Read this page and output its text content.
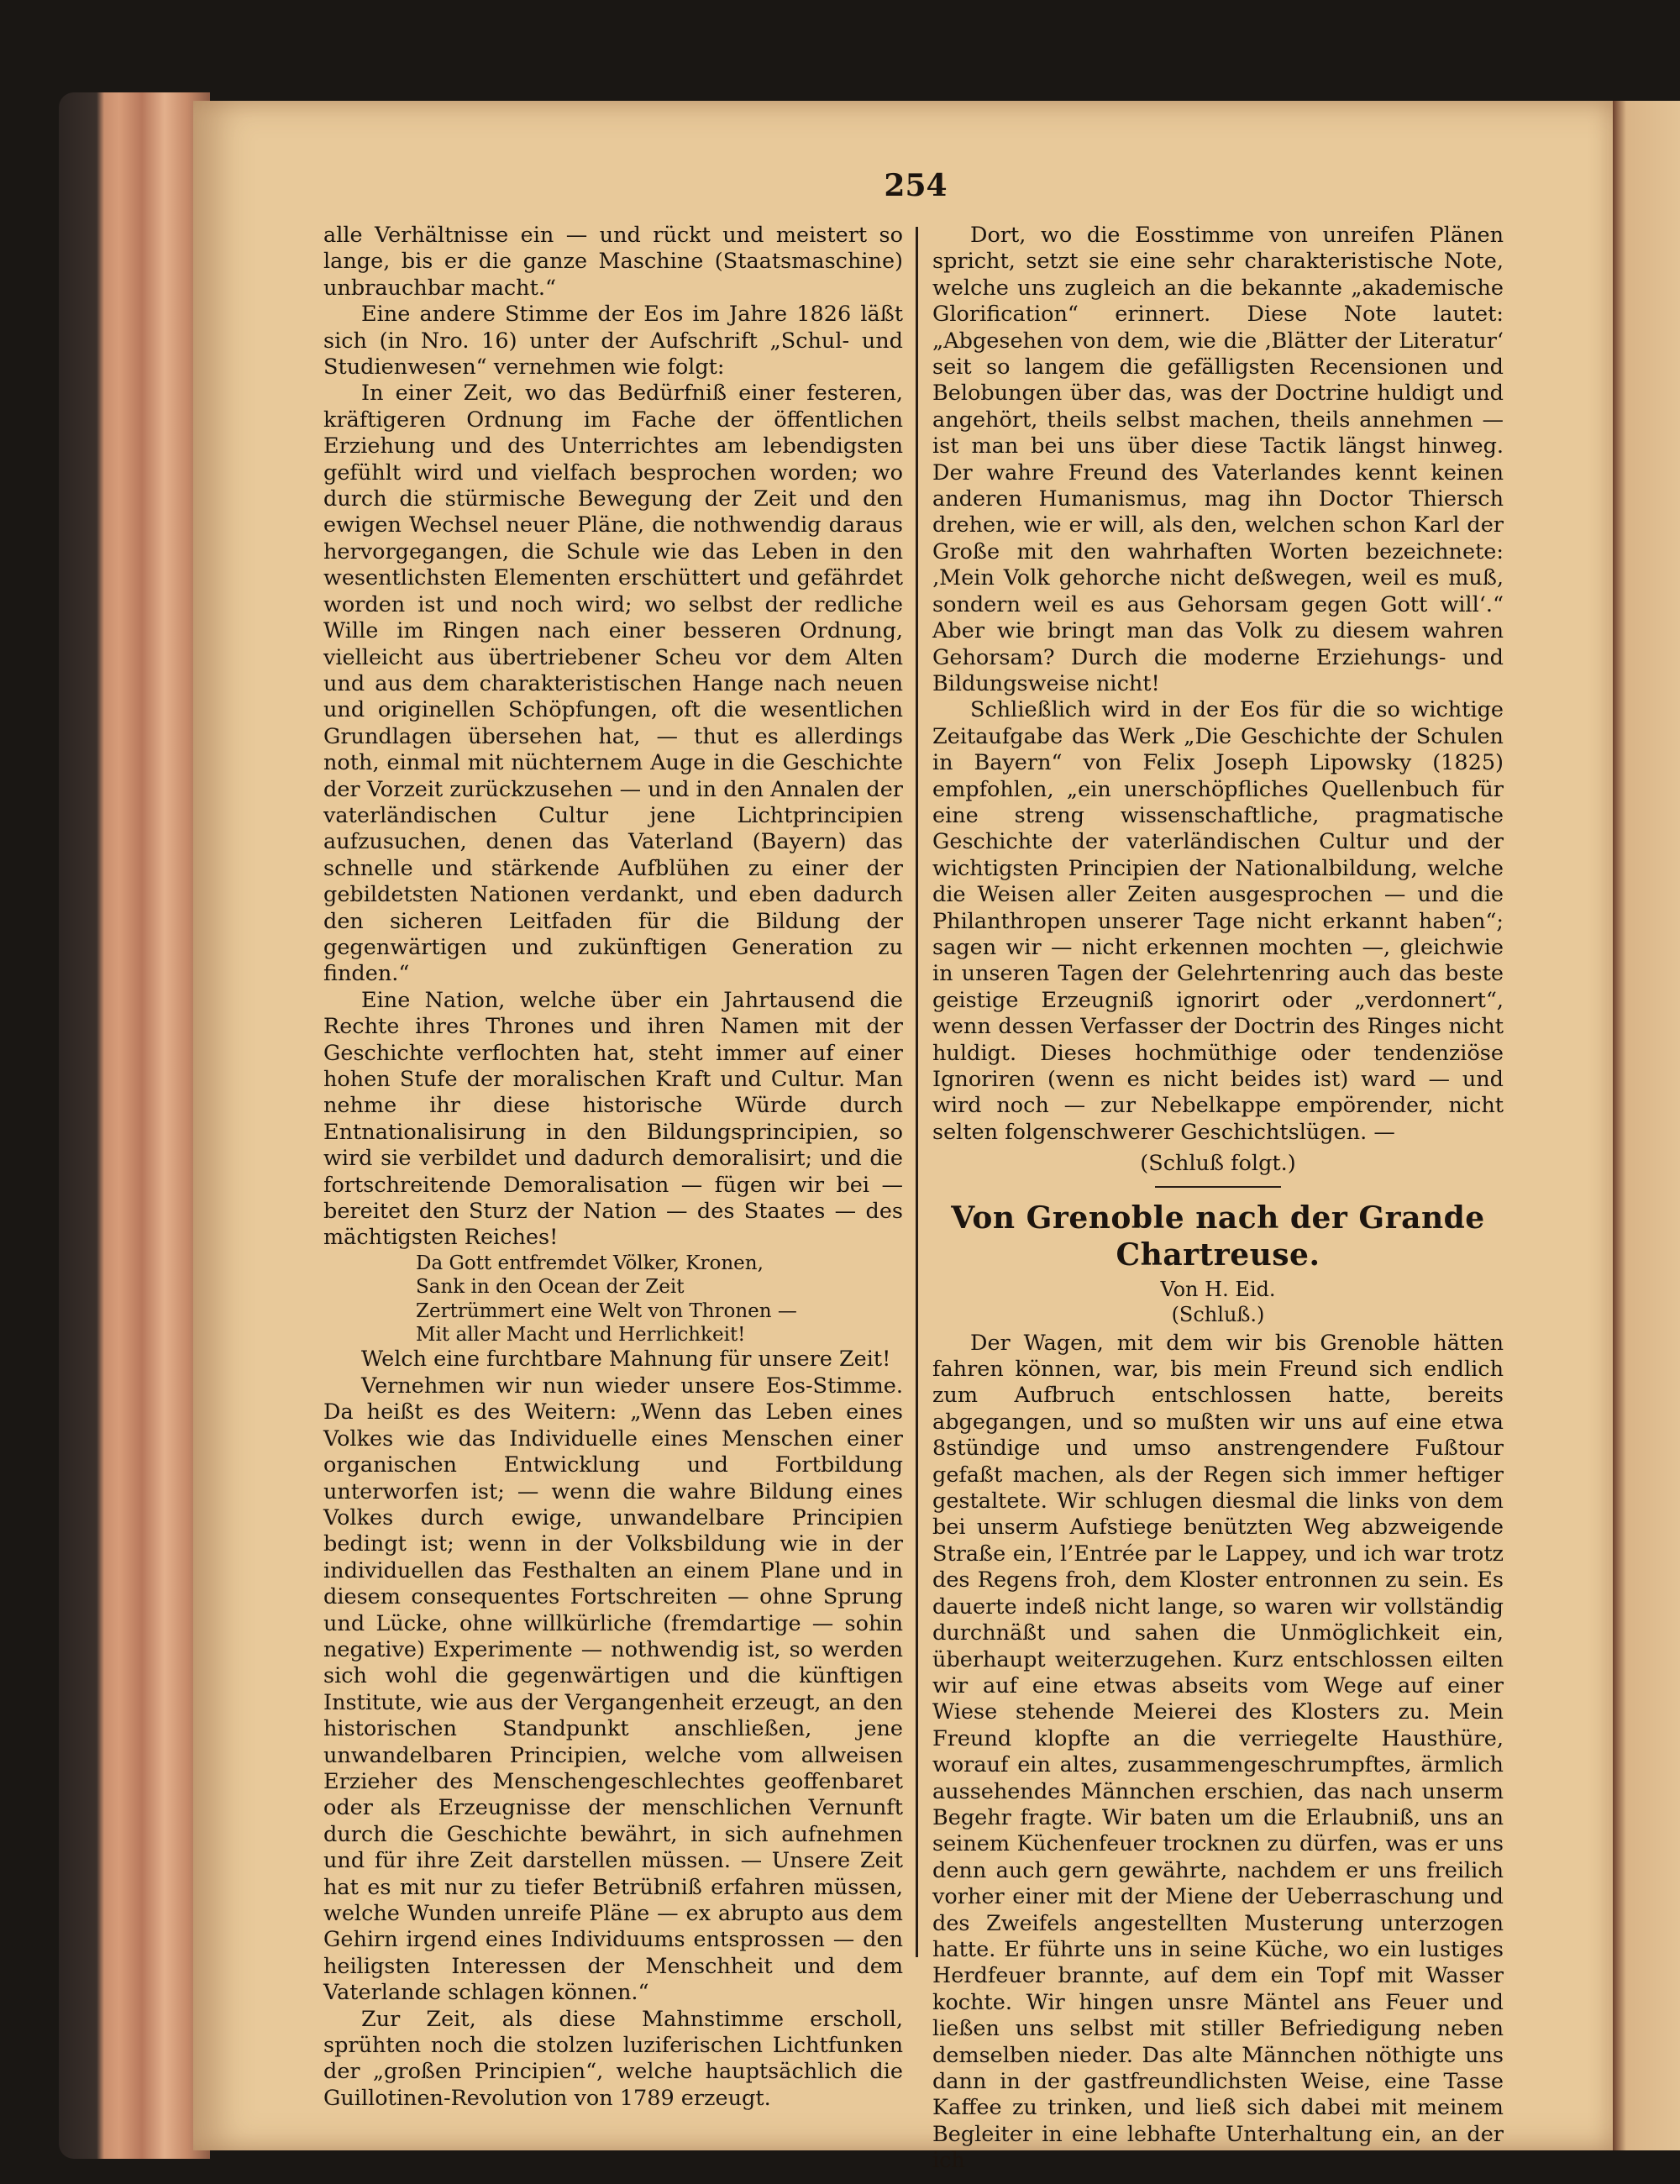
254

alle Verhältnisse ein — und rückt und meistert so lange, bis er die ganze Maschine (Staatsmaschine) unbrauchbar macht.“

Eine andere Stimme der Eos im Jahre 1826 läßt sich (in Nro. 16) unter der Aufschrift „Schul- und Studienwesen“ vernehmen wie folgt:

In einer Zeit, wo das Bedürfniß einer festeren, kräftigeren Ordnung im Fache der öffentlichen Erziehung und des Unterrichtes am lebendigsten gefühlt wird und vielfach besprochen worden; wo durch die stürmische Bewegung der Zeit und den ewigen Wechsel neuer Pläne, die nothwendig daraus hervorgegangen, die Schule wie das Leben in den wesentlichsten Elementen erschüttert und gefährdet worden ist und noch wird; wo selbst der redliche Wille im Ringen nach einer besseren Ordnung, vielleicht aus übertriebener Scheu vor dem Alten und aus dem charakteristischen Hange nach neuen und originellen Schöpfungen, oft die wesentlichen Grundlagen übersehen hat, — thut es allerdings noth, einmal mit nüchternem Auge in die Geschichte der Vorzeit zurückzusehen — und in den Annalen der vaterländischen Cultur jene Lichtprincipien aufzusuchen, denen das Vaterland (Bayern) das schnelle und stärkende Aufblühen zu einer der gebildetsten Nationen verdankt, und eben dadurch den sicheren Leitfaden für die Bildung der gegenwärtigen und zukünftigen Generation zu finden.“

Eine Nation, welche über ein Jahrtausend die Rechte ihres Thrones und ihren Namen mit der Geschichte verflochten hat, steht immer auf einer hohen Stufe der moralischen Kraft und Cultur. Man nehme ihr diese historische Würde durch Entnationalisirung in den Bildungsprincipien, so wird sie verbildet und dadurch demoralisirt; und die fortschreitende Demoralisation — fügen wir bei — bereitet den Sturz der Nation — des Staates — des mächtigsten Reiches!

Da Gott entfremdet Völker, Kronen,
Sank in den Ocean der Zeit
Zertrümmert eine Welt von Thronen —
Mit aller Macht und Herrlichkeit!

Welch eine furchtbare Mahnung für unsere Zeit!

Vernehmen wir nun wieder unsere Eos-Stimme. Da heißt es des Weitern: „Wenn das Leben eines Volkes wie das Individuelle eines Menschen einer organischen Entwicklung und Fortbildung unterworfen ist; — wenn die wahre Bildung eines Volkes durch ewige, unwandelbare Principien bedingt ist; wenn in der Volksbildung wie in der individuellen das Festhalten an einem Plane und in diesem consequentes Fortschreiten — ohne Sprung und Lücke, ohne willkürliche (fremdartige — sohin negative) Experimente — nothwendig ist, so werden sich wohl die gegenwärtigen und die künftigen Institute, wie aus der Vergangenheit erzeugt, an den historischen Standpunkt anschließen, jene unwandelbaren Principien, welche vom allweisen Erzieher des Menschengeschlechtes geoffenbaret oder als Erzeugnisse der menschlichen Vernunft durch die Geschichte bewährt, in sich aufnehmen und für ihre Zeit darstellen müssen. — Unsere Zeit hat es mit nur zu tiefer Betrübniß erfahren müssen, welche Wunden unreife Pläne — ex abrupto aus dem Gehirn irgend eines Individuums entsprossen — den heiligsten Interessen der Menschheit und dem Vaterlande schlagen können.“

Zur Zeit, als diese Mahnstimme erscholl, sprühten noch die stolzen luziferischen Lichtfunken der „großen Principien“, welche hauptsächlich die Guillotinen-Revolution von 1789 erzeugt.

Dort, wo die Eosstimme von unreifen Plänen spricht, setzt sie eine sehr charakteristische Note, welche uns zugleich an die bekannte „akademische Glorification“ erinnert. Diese Note lautet: „Abgesehen von dem, wie die ‚Blätter der Literatur‘ seit so langem die gefälligsten Recensionen und Belobungen über das, was der Doctrine huldigt und angehört, theils selbst machen, theils annehmen — ist man bei uns über diese Tactik längst hinweg. Der wahre Freund des Vaterlandes kennt keinen anderen Humanismus, mag ihn Doctor Thiersch drehen, wie er will, als den, welchen schon Karl der Große mit den wahrhaften Worten bezeichnete: ‚Mein Volk gehorche nicht deßwegen, weil es muß, sondern weil es aus Gehorsam gegen Gott will‘.“ Aber wie bringt man das Volk zu diesem wahren Gehorsam? Durch die moderne Erziehungs- und Bildungsweise nicht!

Schließlich wird in der Eos für die so wichtige Zeitaufgabe das Werk „Die Geschichte der Schulen in Bayern“ von Felix Joseph Lipowsky (1825) empfohlen, „ein unerschöpfliches Quellenbuch für eine streng wissenschaftliche, pragmatische Geschichte der vaterländischen Cultur und der wichtigsten Principien der Nationalbildung, welche die Weisen aller Zeiten ausgesprochen — und die Philanthropen unserer Tage nicht erkannt haben“; sagen wir — nicht erkennen mochten —, gleichwie in unseren Tagen der Gelehrtenring auch das beste geistige Erzeugniß ignorirt oder „verdonnert“, wenn dessen Verfasser der Doctrin des Ringes nicht huldigt. Dieses hochmüthige oder tendenziöse Ignoriren (wenn es nicht beides ist) ward — und wird noch — zur Nebelkappe empörender, nicht selten folgenschwerer Geschichtslügen. —

(Schluß folgt.)

Von Grenoble nach der Grande Chartreuse.

Von H. Eid.

(Schluß.)

Der Wagen, mit dem wir bis Grenoble hätten fahren können, war, bis mein Freund sich endlich zum Aufbruch entschlossen hatte, bereits abgegangen, und so mußten wir uns auf eine etwa 8stündige und umso anstrengendere Fußtour gefaßt machen, als der Regen sich immer heftiger gestaltete. Wir schlugen diesmal die links von dem bei unserm Aufstiege benützten Weg abzweigende Straße ein, l’Entrée par le Lappey, und ich war trotz des Regens froh, dem Kloster entronnen zu sein. Es dauerte indeß nicht lange, so waren wir vollständig durchnäßt und sahen die Unmöglichkeit ein, überhaupt weiterzugehen. Kurz entschlossen eilten wir auf eine etwas abseits vom Wege auf einer Wiese stehende Meierei des Klosters zu. Mein Freund klopfte an die verriegelte Hausthüre, worauf ein altes, zusammengeschrumpftes, ärmlich aussehendes Männchen erschien, das nach unserm Begehr fragte. Wir baten um die Erlaubniß, uns an seinem Küchenfeuer trocknen zu dürfen, was er uns denn auch gern gewährte, nachdem er uns freilich vorher einer mit der Miene der Ueberraschung und des Zweifels angestellten Musterung unterzogen hatte. Er führte uns in seine Küche, wo ein lustiges Herdfeuer brannte, auf dem ein Topf mit Wasser kochte. Wir hingen unsre Mäntel ans Feuer und ließen uns selbst mit stiller Befriedigung neben demselben nieder. Das alte Männchen nöthigte uns dann in der gastfreundlichsten Weise, eine Tasse Kaffee zu trinken, und ließ sich dabei mit meinem Begleiter in eine lebhafte Unterhaltung ein, an der ich
